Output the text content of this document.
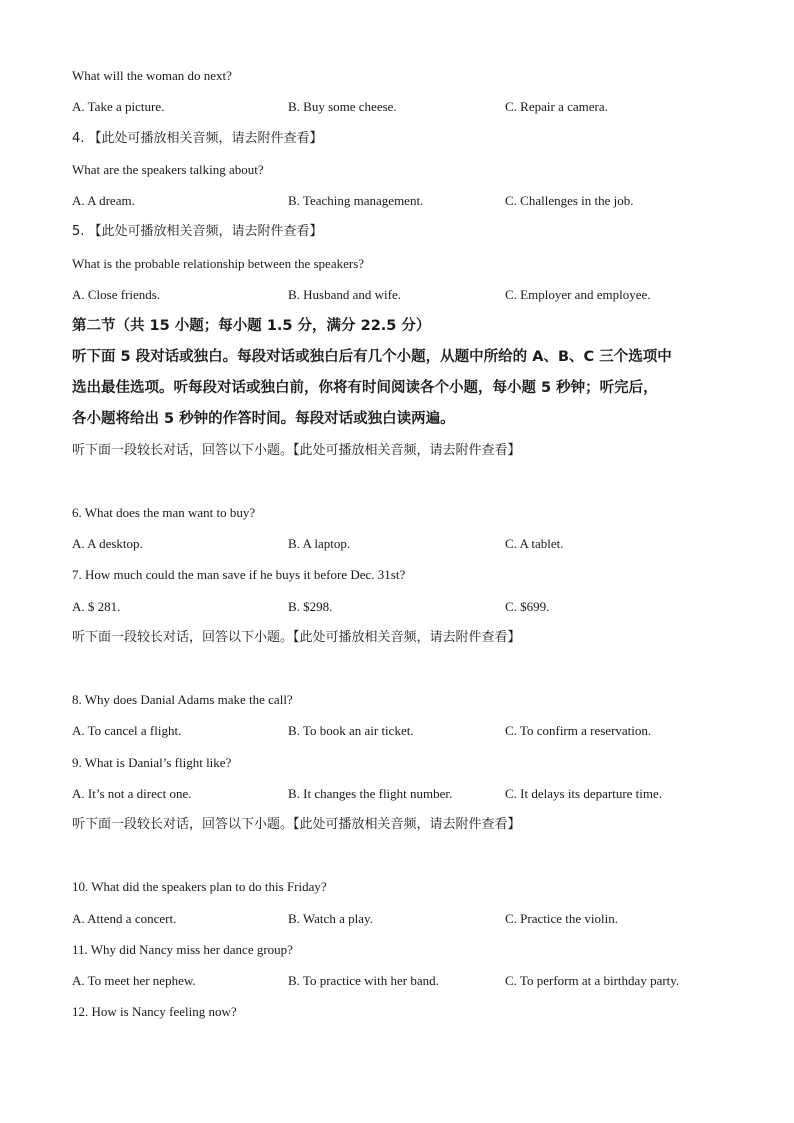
What will the woman do next?
A. Take a picture.	B. Buy some cheese.	C. Repair a camera.
4. 【此处可播放相关音频，请去附件查看】
What are the speakers talking about?
A. A dream.	B. Teaching management.	C. Challenges in the job.
5. 【此处可播放相关音频，请去附件查看】
What is the probable relationship between the speakers?
A. Close friends.	B. Husband and wife.	C. Employer and employee.
第二节（共 15 小题；每小题 1.5 分，满分 22.5 分）
听下面 5 段对话或独白。每段对话或独白后有几个小题，从题中所给的 A、B、C 三个选项中
选出最佳选项。听每段对话或独白前，你将有时间阅读各个小题，每小题 5 秒钟；听完后，
各小题将给出 5 秒钟的作答时间。每段对话或独白读两遍。
听下面一段较长对话，回答以下小题。【此处可播放相关音频，请去附件查看】
6. What does the man want to buy?
A. A desktop.	B. A laptop.	C. A tablet.
7. How much could the man save if he buys it before Dec. 31st?
A. $ 281.	B. $298.	C. $699.
听下面一段较长对话，回答以下小题。【此处可播放相关音频，请去附件查看】
8. Why does Danial Adams make the call?
A. To cancel a flight.	B. To book an air ticket.	C. To confirm a reservation.
9. What is Danial’s flight like?
A. It’s not a direct one.	B. It changes the flight number.	C. It delays its departure time.
听下面一段较长对话，回答以下小题。【此处可播放相关音频，请去附件查看】
10. What did the speakers plan to do this Friday?
A. Attend a concert.	B. Watch a play.	C. Practice the violin.
11. Why did Nancy miss her dance group?
A. To meet her nephew.	B. To practice with her band.	C. To perform at a birthday party.
12. How is Nancy feeling now?
